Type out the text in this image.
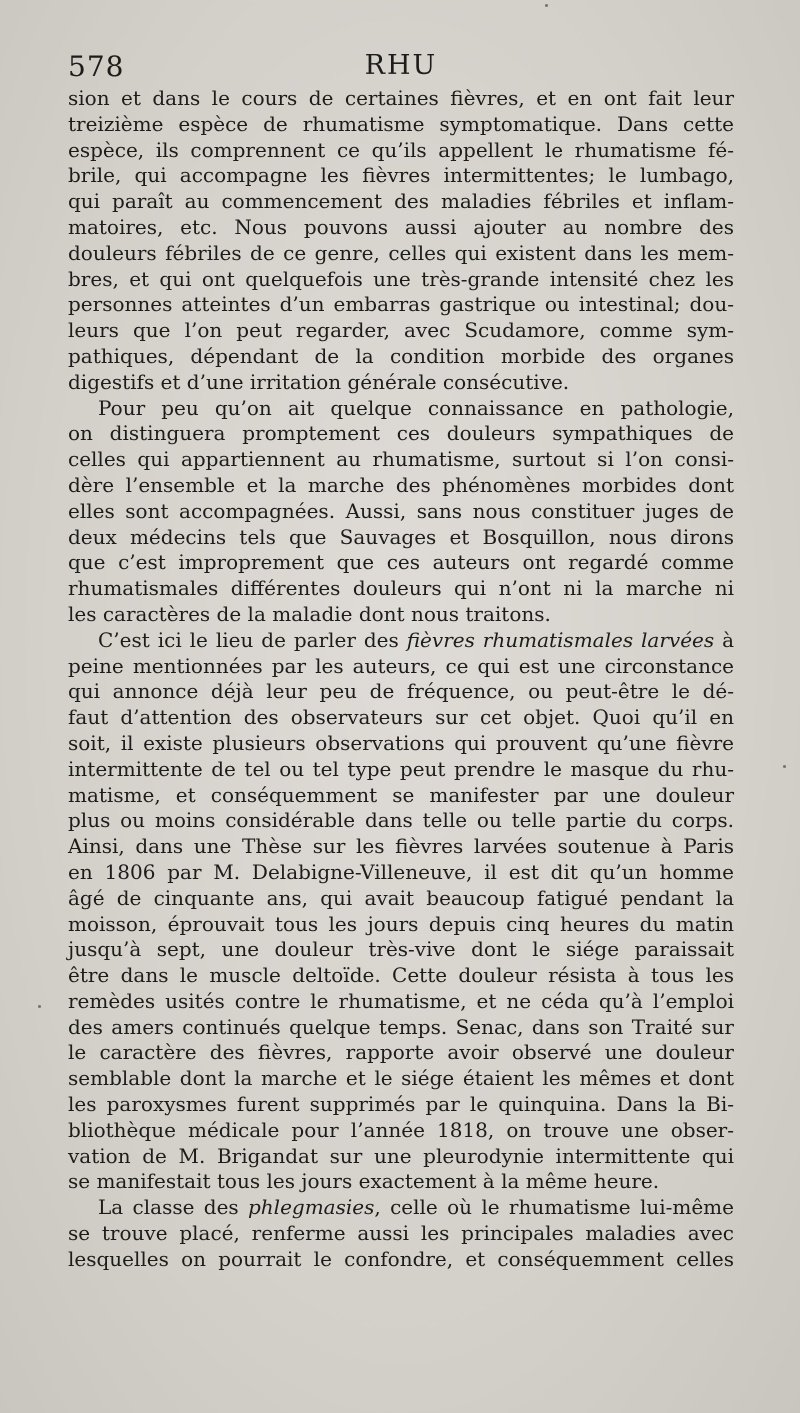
578	RHU
sion et dans le cours de certaines fièvres, et en ont fait leur
treizième espèce de rhumatisme symptomatique. Dans cette
espèce, ils comprennent ce qu’ils appellent le rhumatisme fé-
brile, qui accompagne les fièvres intermittentes; le lumbago,
qui paraît au commencement des maladies fébriles et inflam-
matoires, etc. Nous pouvons aussi ajouter au nombre des
douleurs fébriles de ce genre, celles qui existent dans les mem-
bres, et qui ont quelquefois une très-grande intensité chez les
personnes atteintes d’un embarras gastrique ou intestinal; dou-
leurs que l’on peut regarder, avec Scudamore, comme sym-
pathiques, dépendant de la condition morbide des organes
digestifs et d’une irritation générale consécutive.
Pour peu qu’on ait quelque connaissance en pathologie,
on distinguera promptement ces douleurs sympathiques de
celles qui appartiennent au rhumatisme, surtout si l’on consi-
dère l’ensemble et la marche des phénomènes morbides dont
elles sont accompagnées. Aussi, sans nous constituer juges de
deux médecins tels que Sauvages et Bosquillon, nous dirons
que c’est improprement que ces auteurs ont regardé comme
rhumatismales différentes douleurs qui n’ont ni la marche ni
les caractères de la maladie dont nous traitons.
C’est ici le lieu de parler des fièvres rhumatismales larvées à
peine mentionnées par les auteurs, ce qui est une circonstance
qui annonce déjà leur peu de fréquence, ou peut-être le dé-
faut d’attention des observateurs sur cet objet. Quoi qu’il en
soit, il existe plusieurs observations qui prouvent qu’une fièvre
intermittente de tel ou tel type peut prendre le masque du rhu-
matisme, et conséquemment se manifester par une douleur
plus ou moins considérable dans telle ou telle partie du corps.
Ainsi, dans une Thèse sur les fièvres larvées soutenue à Paris
en 1806 par M. Delabigne-Villeneuve, il est dit qu’un homme
âgé de cinquante ans, qui avait beaucoup fatigué pendant la
moisson, éprouvait tous les jours depuis cinq heures du matin
jusqu’à sept, une douleur très-vive dont le siége paraissait
être dans le muscle deltoïde. Cette douleur résista à tous les
remèdes usités contre le rhumatisme, et ne céda qu’à l’emploi
des amers continués quelque temps. Senac, dans son Traité sur
le caractère des fièvres, rapporte avoir observé une douleur
semblable dont la marche et le siége étaient les mêmes et dont
les paroxysmes furent supprimés par le quinquina. Dans la Bi-
bliothèque médicale pour l’année 1818, on trouve une obser-
vation de M. Brigandat sur une pleurodynie intermittente qui
se manifestait tous les jours exactement à la même heure.
La classe des phlegmasies, celle où le rhumatisme lui-même
se trouve placé, renferme aussi les principales maladies avec
lesquelles on pourrait le confondre, et conséquemment celles
